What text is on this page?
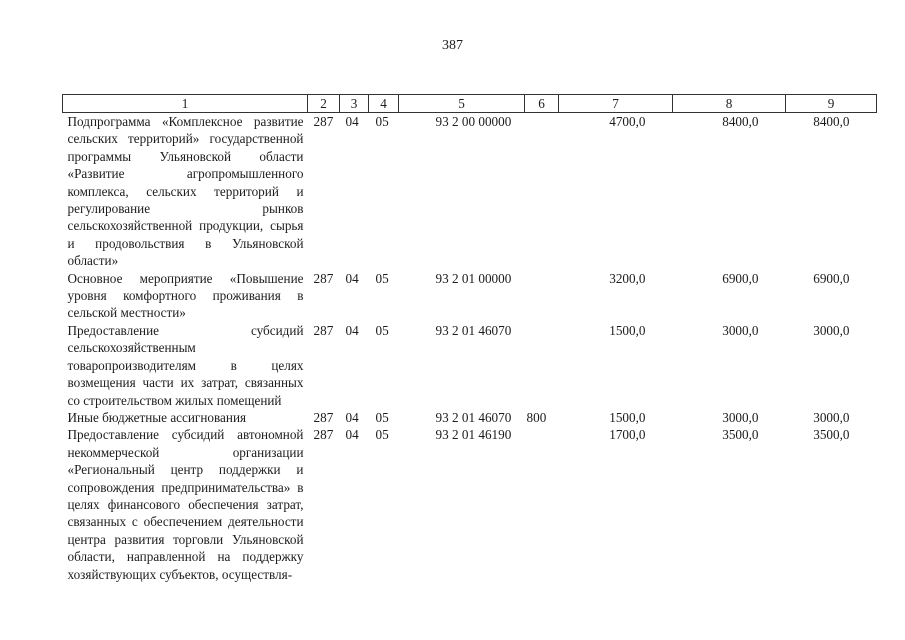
387
1	2	3	4	5	6	7	8	9
Подпрограмма «Комплексное развитие сельских территорий» государственной программы Ульяновской области «Развитие агропромышленного комплекса, сельских территорий и регулирование рынков сельскохозяйственной продукции, сырья и продовольствия в Ульяновской области»	287	04	05	93 2 00 00000		4700,0	8400,0	8400,0
Основное мероприятие «Повышение уровня комфортного проживания в сельской местности»	287	04	05	93 2 01 00000		3200,0	6900,0	6900,0
Предоставление субсидий сельскохозяйственным товаропроизводителям в целях возмещения части их затрат, связанных со строительством жилых помещений	287	04	05	93 2 01 46070		1500,0	3000,0	3000,0
Иные бюджетные ассигнования	287	04	05	93 2 01 46070	800	1500,0	3000,0	3000,0
Предоставление субсидий автономной некоммерческой организации «Региональный центр поддержки и сопровождения предпринимательства» в целях финансового обеспечения затрат, связанных с обеспечением деятельности центра развития торговли Ульяновской области, направленной на поддержку хозяйствующих субъектов, осуществля-	287	04	05	93 2 01 46190		1700,0	3500,0	3500,0
